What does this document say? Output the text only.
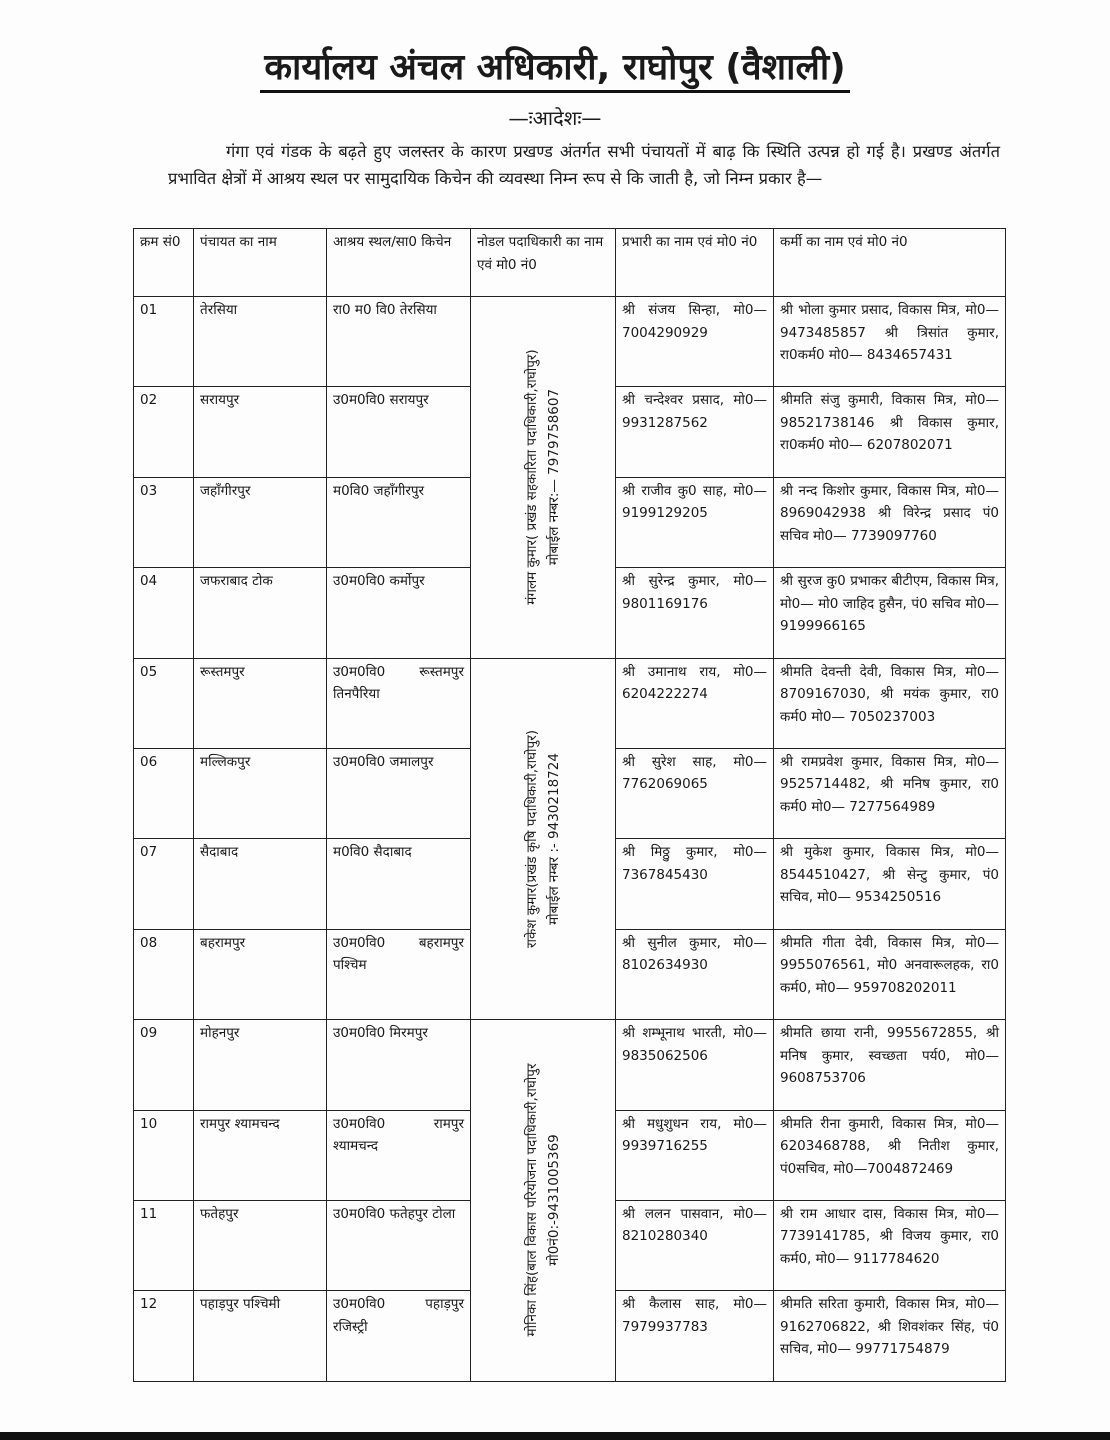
कार्यालय अंचल अधिकारी, राघोपुर (वैशाली)
—ःआदेशः—

गंगा एवं गंडक के बढ़ते हुए जलस्तर के कारण प्रखण्ड अंतर्गत सभी पंचायतों में बाढ़ कि स्थिति उत्पन्न हो गई है। प्रखण्ड अंतर्गत प्रभावित क्षेत्रों में आश्रय स्थल पर सामुदायिक किचेन की व्यवस्था निम्न रूप से कि जाती है, जो निम्न प्रकार है—

क्रम सं0	पंचायत का नाम	आश्रय स्थल/सा0 किचेन	नोडल पदाधिकारी का नाम एवं मो0 नं0	प्रभारी का नाम एवं मो0 नं0	कर्मी का नाम एवं मो0 नं0
01	तेरसिया	रा0 म0 वि0 तेरसिया	मंगलम कुमार( प्रखंड सहकारिता पदाधिकारी,राघोपुर) मोबाईल नम्बर:— 7979758607	श्री संजय सिन्हा, मो0—7004290929	श्री भोला कुमार प्रसाद, विकास मित्र, मो0— 9473485857 श्री त्रिसांत कुमार, रा0कर्म0 मो0— 8434657431
02	सरायपुर	उ0म0वि0 सरायपुर		श्री चन्देश्वर प्रसाद, मो0—9931287562	श्रीमति संजु कुमारी, विकास मित्र, मो0— 98521738146 श्री विकास कुमार, रा0कर्म0 मो0— 6207802071
03	जहाँगीरपुर	म0वि0 जहाँगीरपुर		श्री राजीव कु0 साह, मो0—9199129205	श्री नन्द किशोर कुमार, विकास मित्र, मो0— 8969042938 श्री विरेन्द्र प्रसाद पं0 सचिव मो0— 7739097760
04	जफराबाद टोक	उ0म0वि0 कर्मोपुर		श्री सुरेन्द्र कुमार, मो0—9801169176	श्री सुरज कु0 प्रभाकर बीटीएम, विकास मित्र, मो0— मो0 जाहिद हुसैन, पं0 सचिव मो0— 9199966165
05	रूस्तमपुर	उ0म0वि0 रूस्तमपुर तिनपैरिया	राकेश कुमार(प्रखंड कृषि पदाधिकारी,राघोपुर) मोबाईल नम्बर :- 9430218724	श्री उमानाथ राय, मो0—6204222274	श्रीमति देवन्ती देवी, विकास मित्र, मो0— 8709167030, श्री मयंक कुमार, रा0 कर्म0 मो0— 7050237003
06	मल्लिकपुर	उ0म0वि0 जमालपुर		श्री सुरेश साह, मो0—7762069065	श्री रामप्रवेश कुमार, विकास मित्र, मो0— 9525714482, श्री मनिष कुमार, रा0 कर्म0 मो0— 7277564989
07	सैदाबाद	म0वि0 सैदाबाद		श्री मिठ्ठु कुमार, मो0—7367845430	श्री मुकेश कुमार, विकास मित्र, मो0— 8544510427, श्री सेन्टु कुमार, पं0 सचिव, मो0— 9534250516
08	बहरामपुर	उ0म0वि0 बहरामपुर पश्चिम		श्री सुनील कुमार, मो0—8102634930	श्रीमति गीता देवी, विकास मित्र, मो0— 9955076561, मो0 अनवारूलहक, रा0 कर्म0, मो0— 959708202011
09	मोहनपुर	उ0म0वि0 मिरमपुर	मोनिका सिंह(बाल विकास परियोजना पदाधिकारी,राघोपुर मो0नं0:-9431005369	श्री शम्भूनाथ भारती, मो0—9835062506	श्रीमति छाया रानी, 9955672855, श्री मनिष कुमार, स्वच्छता पर्य0, मो0— 9608753706
10	रामपुर श्यामचन्द	उ0म0वि0 रामपुर श्यामचन्द		श्री मधुशुधन राय, मो0—9939716255	श्रीमति रीना कुमारी, विकास मित्र, मो0— 6203468788, श्री नितीश कुमार, पं0सचिव, मो0—7004872469
11	फतेहपुर	उ0म0वि0 फतेहपुर टोला		श्री ललन पासवान, मो0—8210280340	श्री राम आधार दास, विकास मित्र, मो0— 7739141785, श्री विजय कुमार, रा0 कर्म0, मो0— 9117784620
12	पहाड़पुर पश्चिमी	उ0म0वि0 पहाड़पुर रजिस्ट्री		श्री कैलास साह, मो0—7979937783	श्रीमति सरिता कुमारी, विकास मित्र, मो0— 9162706822, श्री शिवशंकर सिंह, पं0 सचिव, मो0— 99771754879
